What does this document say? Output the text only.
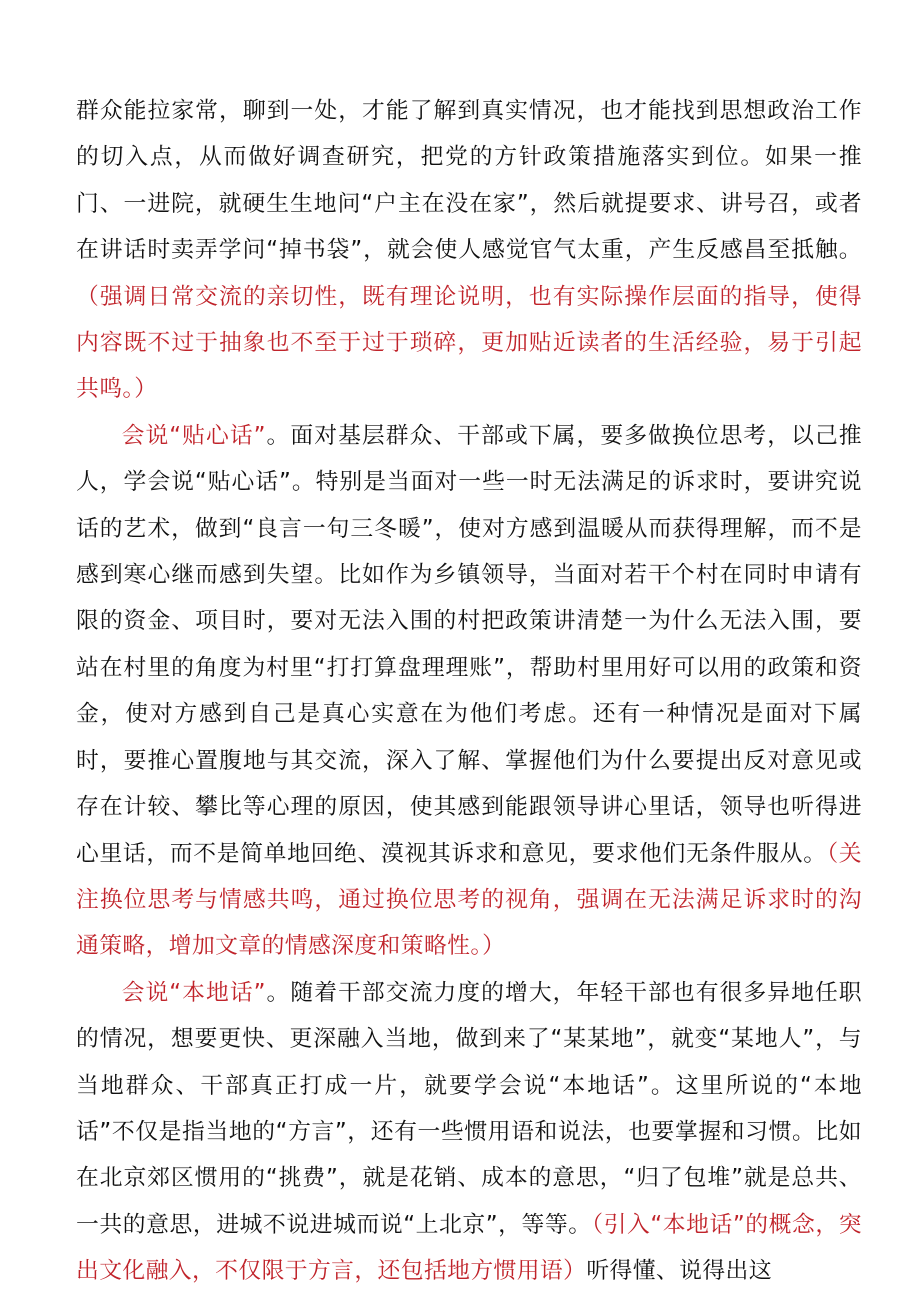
群众能拉家常，聊到一处，才能了解到真实情况，也才能找到思想政治工作的切入点，从而做好调查研究，把党的方针政策措施落实到位。如果一推门、一进院，就硬生生地问“户主在没在家”，然后就提要求、讲号召，或者在讲话时卖弄学问“掉书袋”，就会使人感觉官气太重，产生反感昌至抵触。（强调日常交流的亲切性，既有理论说明，也有实际操作层面的指导，使得内容既不过于抽象也不至于过于琐碎，更加贴近读者的生活经验，易于引起共鸣。）

会说“贴心话”。面对基层群众、干部或下属，要多做换位思考，以己推人，学会说“贴心话”。特别是当面对一些一时无法满足的诉求时，要讲究说话的艺术，做到“良言一句三冬暖”，使对方感到温暖从而获得理解，而不是感到寒心继而感到失望。比如作为乡镇领导，当面对若干个村在同时申请有限的资金、项目时，要对无法入围的村把政策讲清楚一为什么无法入围，要站在村里的角度为村里“打打算盘理理账”，帮助村里用好可以用的政策和资金，使对方感到自己是真心实意在为他们考虑。还有一种情况是面对下属时，要推心置腹地与其交流，深入了解、掌握他们为什么要提出反对意见或存在计较、攀比等心理的原因，使其感到能跟领导讲心里话，领导也听得进心里话，而不是简单地回绝、漠视其诉求和意见，要求他们无条件服从。（关注换位思考与情感共鸣，通过换位思考的视角，强调在无法满足诉求时的沟通策略，增加文章的情感深度和策略性。）

会说“本地话”。随着干部交流力度的增大，年轻干部也有很多异地任职的情况，想要更快、更深融入当地，做到来了“某某地”，就变“某地人”，与当地群众、干部真正打成一片，就要学会说“本地话”。这里所说的“本地话”不仅是指当地的“方言”，还有一些惯用语和说法，也要掌握和习惯。比如在北京郊区惯用的“挑费”，就是花销、成本的意思，“归了包堆”就是总共、一共的意思，进城不说进城而说“上北京”，等等。（引入“本地话”的概念，突出文化融入，不仅限于方言，还包括地方惯用语）听得懂、说得出这
